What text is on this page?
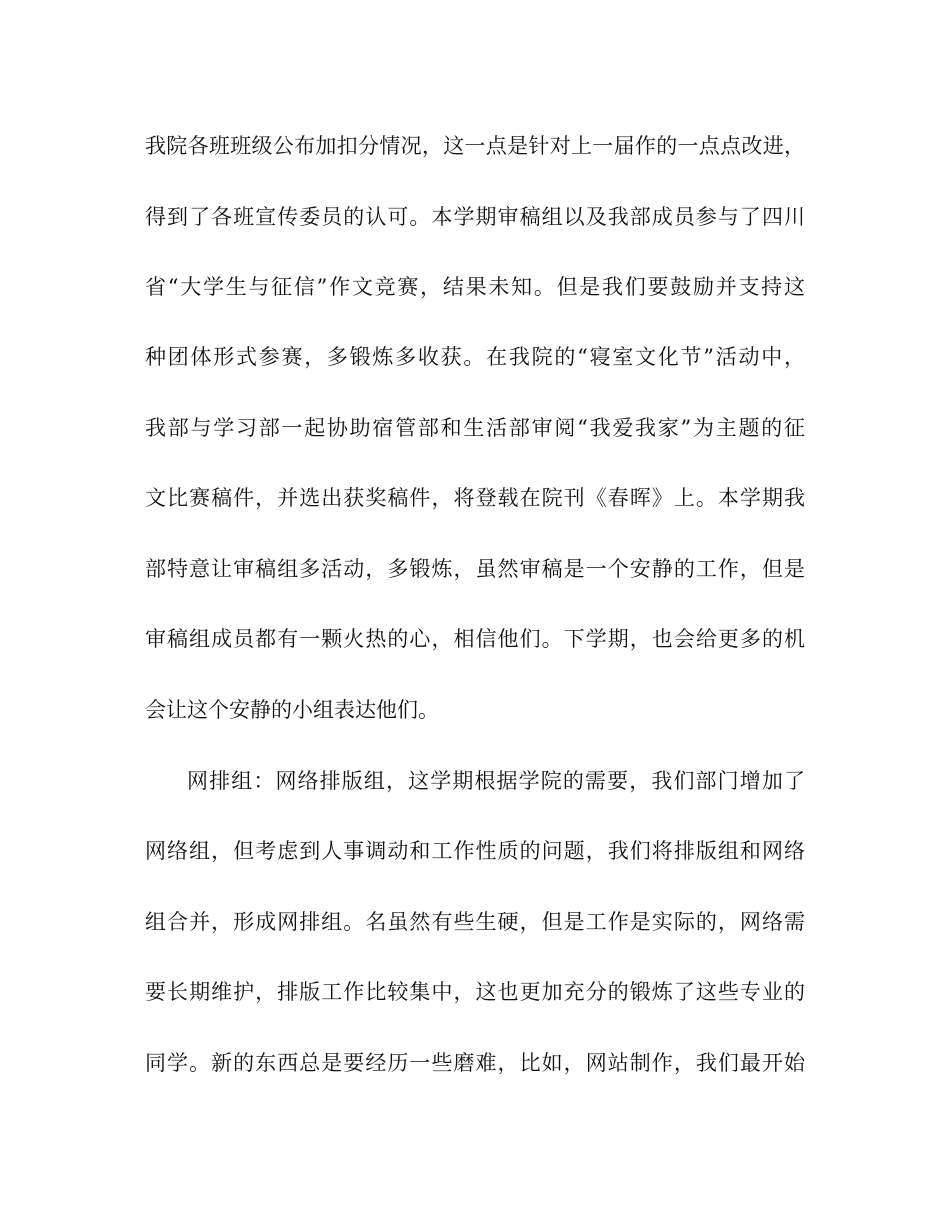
我院各班班级公布加扣分情况，这一点是针对上一届作的一点点改进，
得到了各班宣传委员的认可。本学期审稿组以及我部成员参与了四川
省“大学生与征信”作文竞赛，结果未知。但是我们要鼓励并支持这
种团体形式参赛，多锻炼多收获。在我院的“寝室文化节”活动中，
我部与学习部一起协助宿管部和生活部审阅“我爱我家”为主题的征
文比赛稿件，并选出获奖稿件，将登载在院刊《春晖》上。本学期我
部特意让审稿组多活动，多锻炼，虽然审稿是一个安静的工作，但是
审稿组成员都有一颗火热的心，相信他们。下学期，也会给更多的机
会让这个安静的小组表达他们。
网排组：网络排版组，这学期根据学院的需要，我们部门增加了
网络组，但考虑到人事调动和工作性质的问题，我们将排版组和网络
组合并，形成网排组。名虽然有些生硬，但是工作是实际的，网络需
要长期维护，排版工作比较集中，这也更加充分的锻炼了这些专业的
同学。新的东西总是要经历一些磨难，比如，网站制作，我们最开始
